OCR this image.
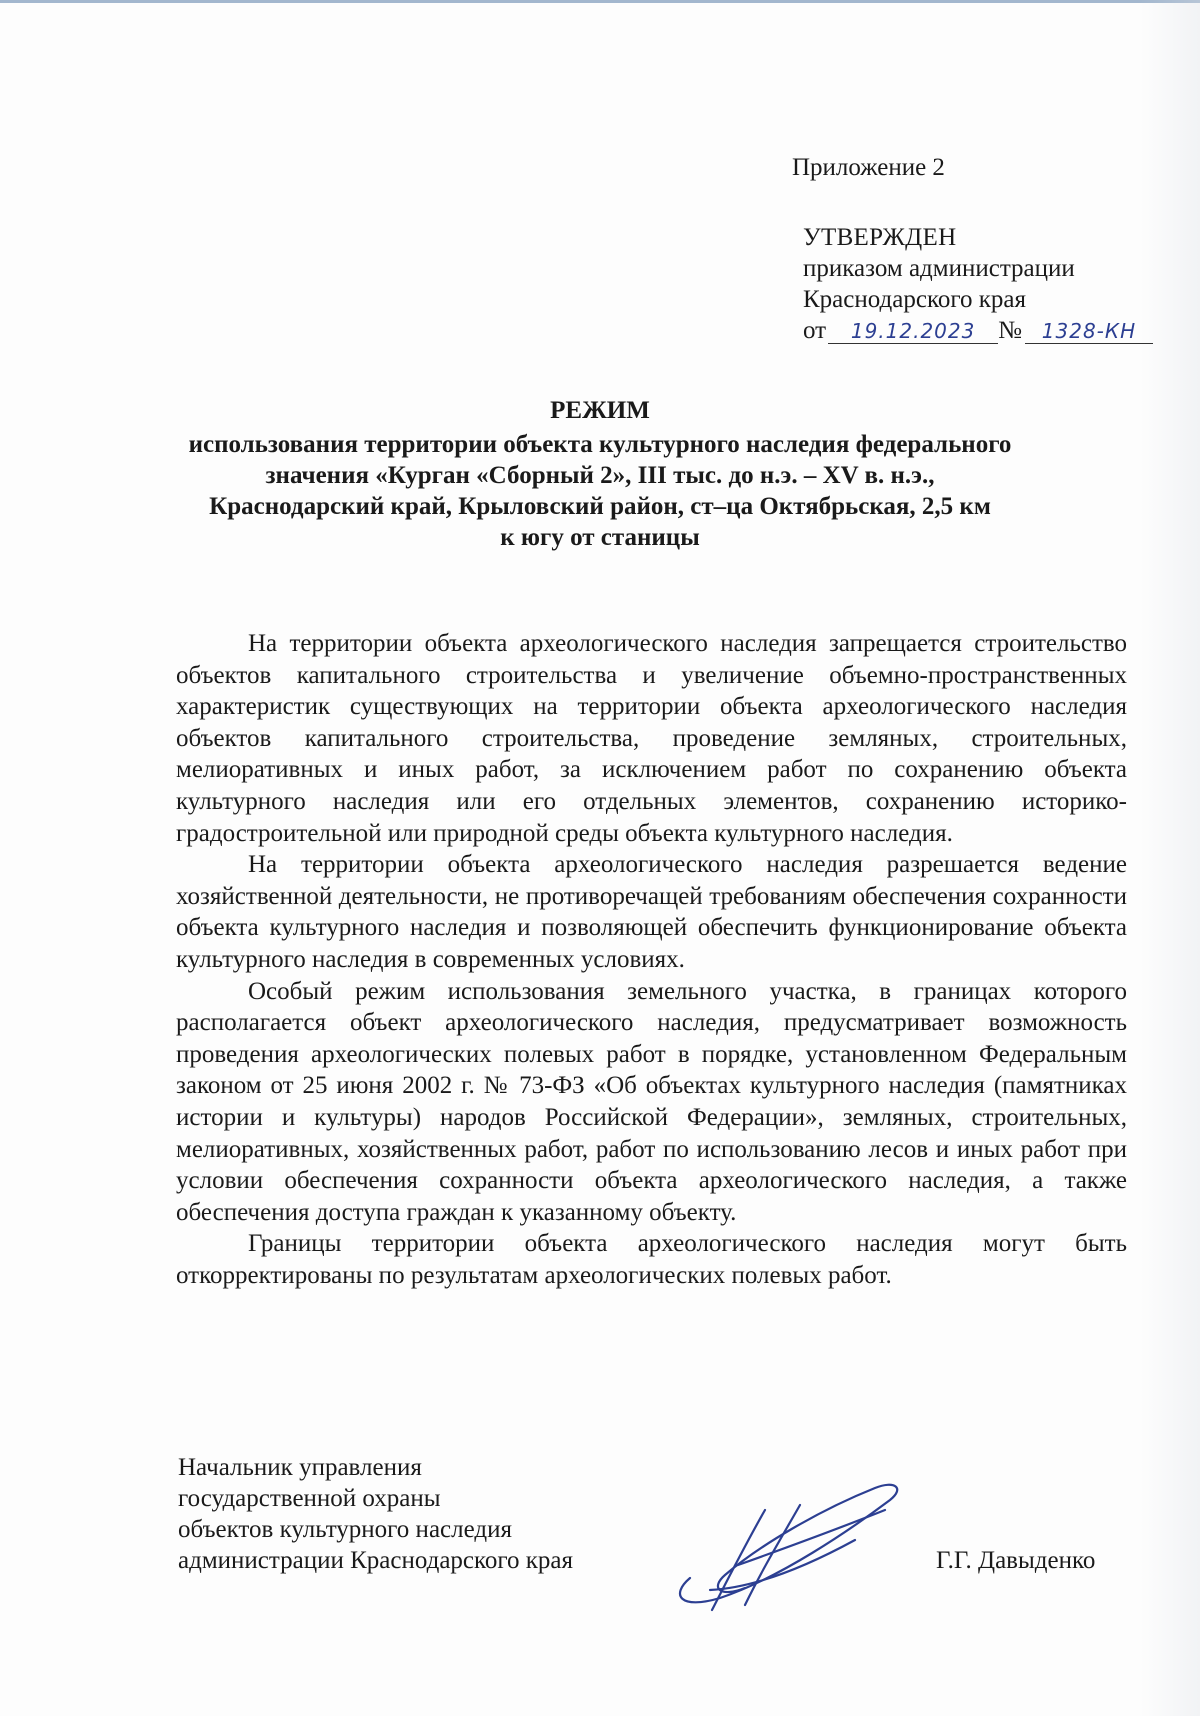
Приложение 2
УТВЕРЖДЕН
приказом администрации
Краснодарского края
от 19.12.2023 № 1328-КН
РЕЖИМ
использования территории объекта культурного наследия федерального
значения «Курган «Сборный 2», III тыс. до н.э. – XV в. н.э.,
Краснодарский край, Крыловский район, ст–ца Октябрьская, 2,5 км
к югу от станицы

На территории объекта археологического наследия запрещается строительство объектов капитального строительства и увеличение объемно-пространственных характеристик существующих на территории объекта археологического наследия объектов капитального строительства, проведение земляных, строительных, мелиоративных и иных работ, за исключением работ по сохранению объекта культурного наследия или его отдельных элементов, сохранению историко-градостроительной или природной среды объекта культурного наследия.

На территории объекта археологического наследия разрешается ведение хозяйственной деятельности, не противоречащей требованиям обеспечения сохранности объекта культурного наследия и позволяющей обеспечить функционирование объекта культурного наследия в современных условиях.

Особый режим использования земельного участка, в границах которого располагается объект археологического наследия, предусматривает возможность проведения археологических полевых работ в порядке, установленном Федеральным законом от 25 июня 2002 г. № 73-ФЗ «Об объектах культурного наследия (памятниках истории и культуры) народов Российской Федерации», земляных, строительных, мелиоративных, хозяйственных работ, работ по использованию лесов и иных работ при условии обеспечения сохранности объекта археологического наследия, а также обеспечения доступа граждан к указанному объекту.

Границы территории объекта археологического наследия могут быть откорректированы по результатам археологических полевых работ.

Начальник управления
государственной охраны
объектов культурного наследия
администрации Краснодарского края	Г.Г. Давыденко
